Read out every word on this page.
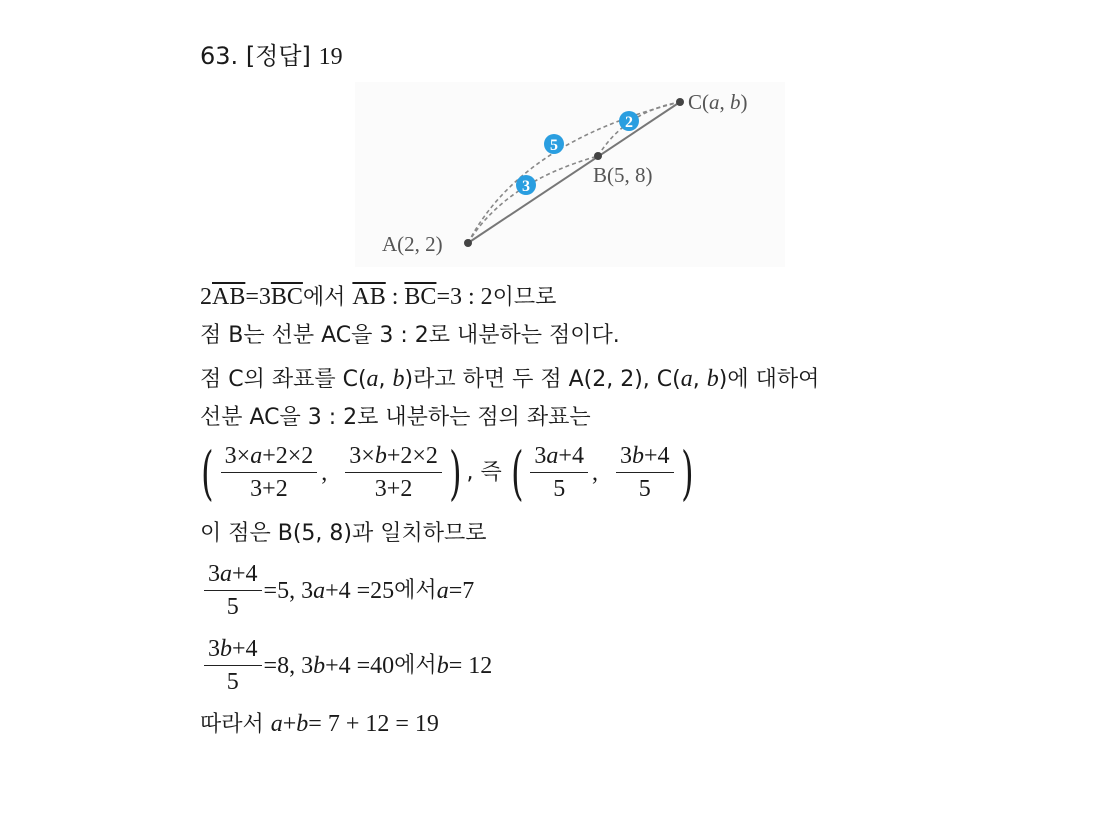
63. [정답] 19
3
5
2
A(2, 2)
B(5, 8)
C(a, b)
$2\overline{AB}=3\overline{BC}$에서 $\overline{AB}$ : $\overline{BC}=3$ : 2이므로
점 B는 선분 AC을 3 : 2로 내분하는 점이다.
점 C의 좌표를 C(a, b)라고 하면 두 점 A(2, 2), C(a, b)에 대하여
선분 AC을 3 : 2로 내분하는 점의 좌표는
( $\frac{3\times a+2\times 2}{3+2}$ , $\frac{3\times b+2\times 2}{3+2}$ ) , 즉 ( $\frac{3a+4}{5}$ , $\frac{3b+4}{5}$ )
이 점은 B(5, 8)과 일치하므로
$\frac{3a+4}{5} =5$, 3 a +4 =25 에서 a =7
$\frac{3b+4}{5} =8$, 3 b +4 =40 에서 b = 12
따라서 a+b= 7 + 12 = 19
